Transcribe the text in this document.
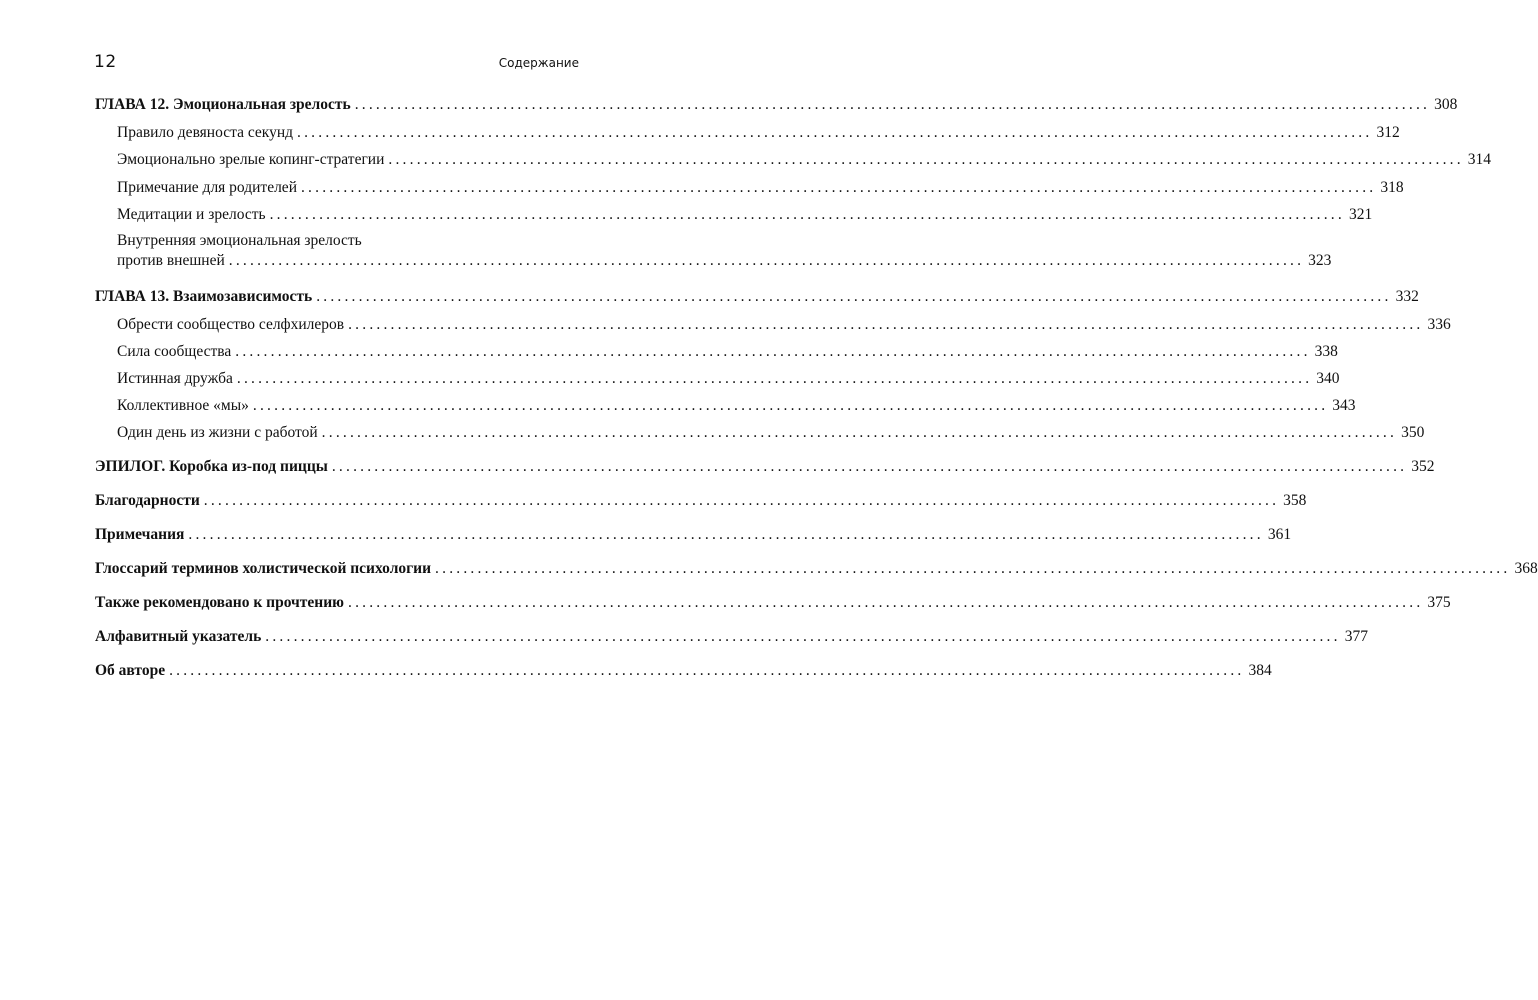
12	Содержание
ГЛАВА 12. Эмоциональная зрелость ........................................................................................................................................................ 308
Правило девяноста секунд ........................................................................................................................................................ 312
Эмоционально зрелые копинг-стратегии ........................................................................................................................................................ 314
Примечание для родителей ........................................................................................................................................................ 318
Медитации и зрелость ........................................................................................................................................................ 321
Внутренняя эмоциональная зрелость
против внешней ........................................................................................................................................................ 323
ГЛАВА 13. Взаимозависимость ........................................................................................................................................................ 332
Обрести сообщество селфхилеров ........................................................................................................................................................ 336
Сила сообщества ........................................................................................................................................................ 338
Истинная дружба ........................................................................................................................................................ 340
Коллективное «мы» ........................................................................................................................................................ 343
Один день из жизни с работой ........................................................................................................................................................ 350
ЭПИЛОГ. Коробка из-под пиццы ........................................................................................................................................................ 352
Благодарности ........................................................................................................................................................ 358
Примечания ........................................................................................................................................................ 361
Глоссарий терминов холистической психологии ........................................................................................................................................................ 368
Также рекомендовано к прочтению ........................................................................................................................................................ 375
Алфавитный указатель ........................................................................................................................................................ 377
Об авторе ........................................................................................................................................................ 384
